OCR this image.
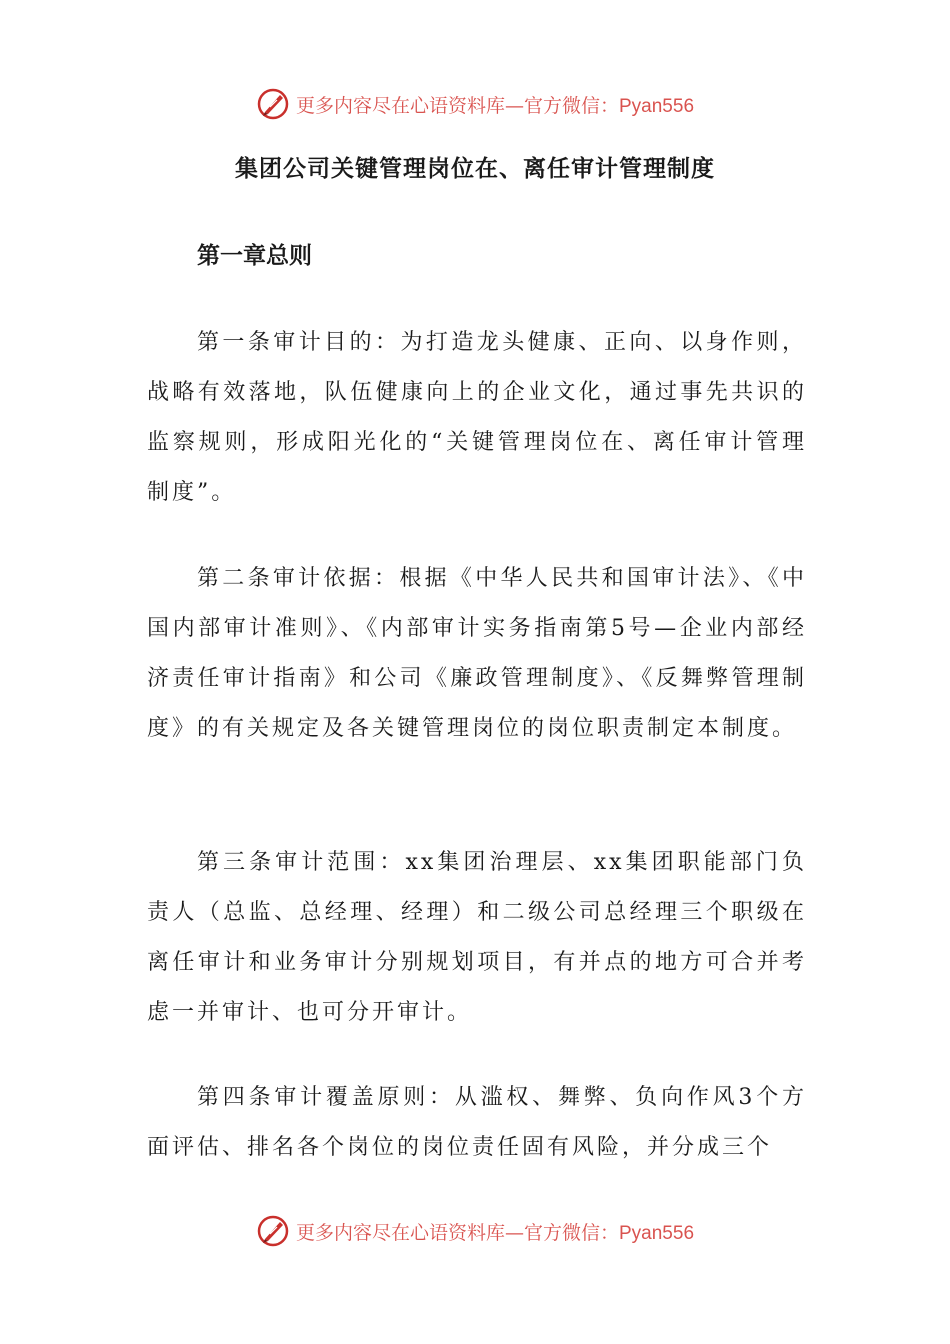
更多内容尽在心语资料库—官方微信：Pyan556
集团公司关键管理岗位在、离任审计管理制度
第一章总则

第一条审计目的：为打造龙头健康、正向、以身作则，战略有效落地，队伍健康向上的企业文化，通过事先共识的监察规则，形成阳光化的“关键管理岗位在、离任审计管理制度”。

第二条审计依据：根据《中华人民共和国审计法》、《中国内部审计准则》、《内部审计实务指南第5号—企业内部经济责任审计指南》和公司《廉政管理制度》、《反舞弊管理制度》的有关规定及各关键管理岗位的岗位职责制定本制度。

第三条审计范围：xx集团治理层、xx集团职能部门负责人（总监、总经理、经理）和二级公司总经理三个职级在离任审计和业务审计分别规划项目，有并点的地方可合并考虑一并审计、也可分开审计。

第四条审计覆盖原则：从滥权、舞弊、负向作风3个方面评估、排名各个岗位的岗位责任固有风险，并分成三个

更多内容尽在心语资料库—官方微信：Pyan556
